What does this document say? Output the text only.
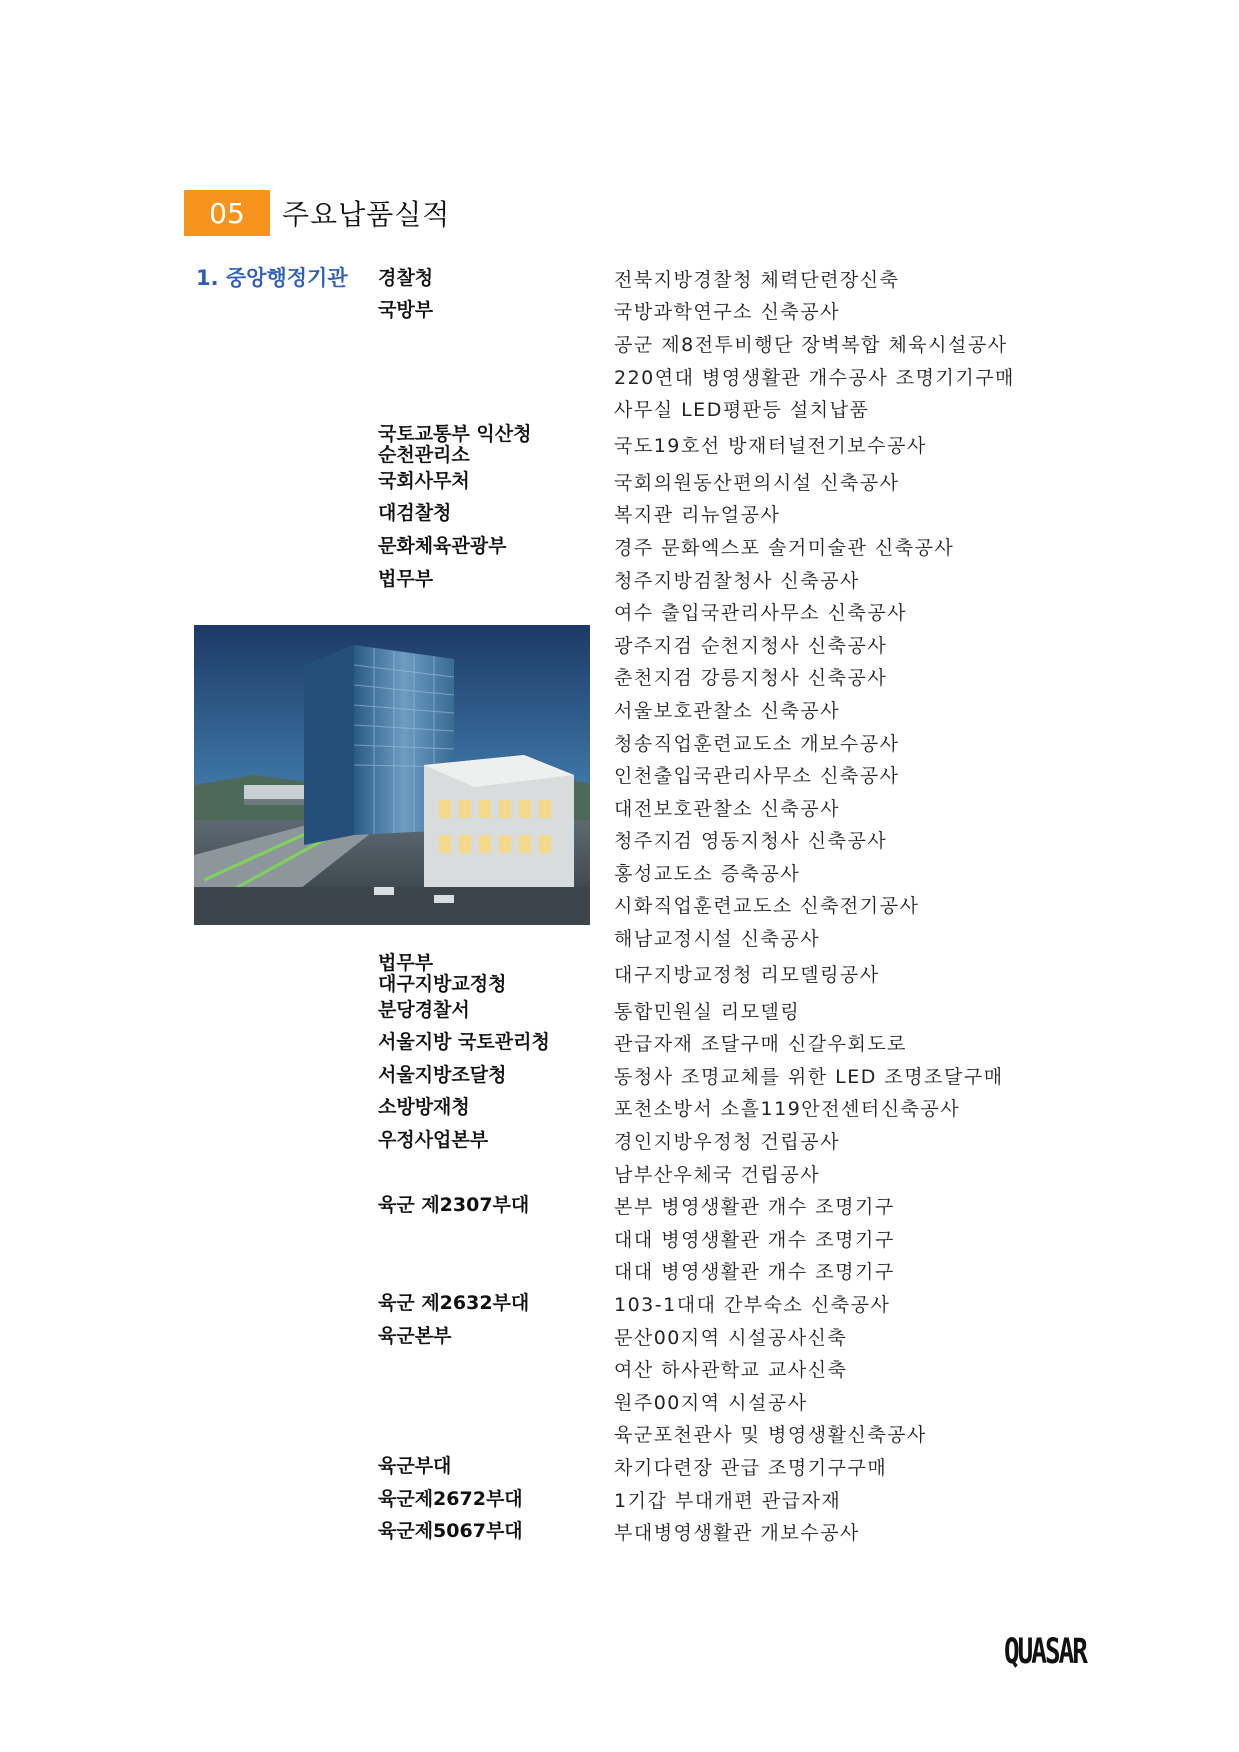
05	주요납품실적
1. 중앙행정기관 경찰청	전북지방경찰청 체력단련장신축
국방부	국방과학연구소 신축공사
공군 제8전투비행단 장벽복합 체육시설공사
220연대 병영생활관 개수공사 조명기기구매
사무실 LED평판등 설치납품
국토교통부 익산청
순천관리소	국도19호선 방재터널전기보수공사
국회사무처	국회의원동산편의시설 신축공사
대검찰청	복지관 리뉴얼공사
문화체육관광부	경주 문화엑스포 솔거미술관 신축공사
법무부	청주지방검찰청사 신축공사
여수 출입국관리사무소 신축공사
광주지검 순천지청사 신축공사
춘천지검 강릉지청사 신축공사
서울보호관찰소 신축공사
청송직업훈련교도소 개보수공사
인천출입국관리사무소 신축공사
대전보호관찰소 신축공사
청주지검 영동지청사 신축공사
홍성교도소 증축공사
시화직업훈련교도소 신축전기공사
해남교정시설 신축공사
법무부
대구지방교정청	대구지방교정청 리모델링공사
분당경찰서	통합민원실 리모델링
서울지방 국토관리청	관급자재 조달구매 신갈우회도로
서울지방조달청	동청사 조명교체를 위한 LED 조명조달구매
소방방재청	포천소방서 소흘119안전센터신축공사
우정사업본부	경인지방우정청 건립공사
남부산우체국 건립공사
육군 제2307부대	본부 병영생활관 개수 조명기구
대대 병영생활관 개수 조명기구
대대 병영생활관 개수 조명기구
육군 제2632부대	103-1대대 간부숙소 신축공사
육군본부	문산00지역 시설공사신축
여산 하사관학교 교사신축
원주00지역 시설공사
육군포천관사 및 병영생활신축공사
육군부대	차기다련장 관급 조명기구구매
육군제2672부대	1기갑 부대개편 관급자재
육군제5067부대	부대병영생활관 개보수공사
QUASAR
